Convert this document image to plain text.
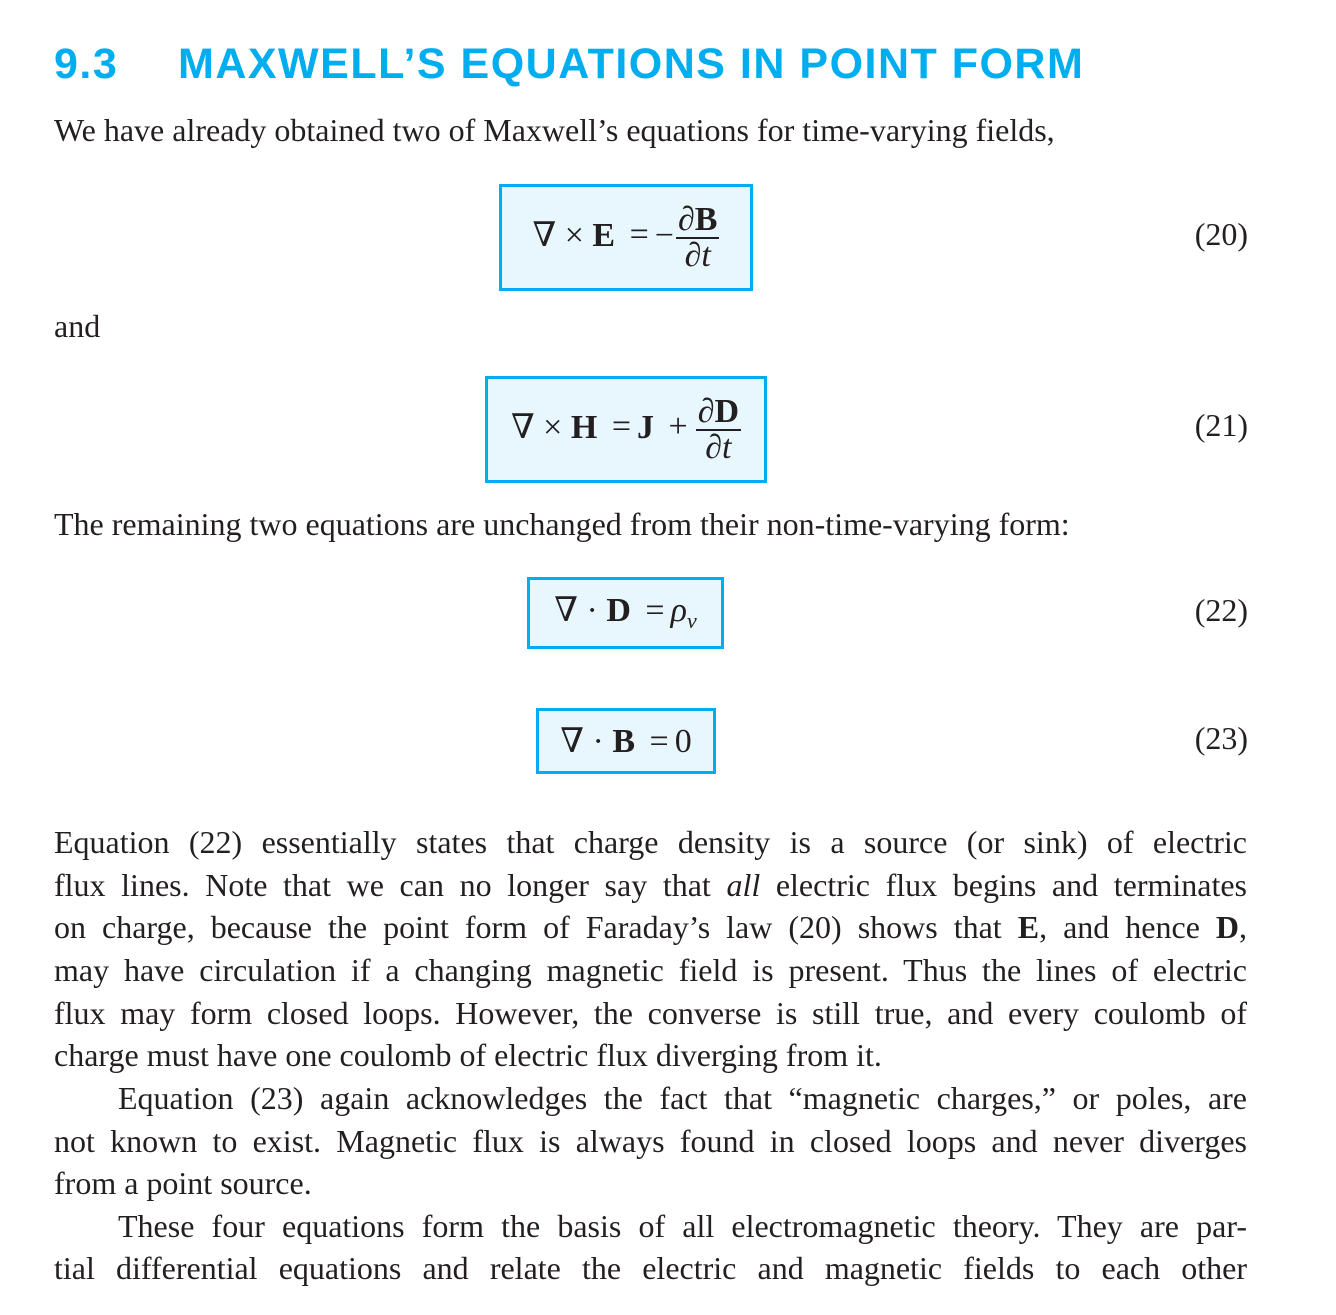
9.3 MAXWELL’S EQUATIONS IN POINT FORM
We have already obtained two of Maxwell’s equations for time-varying fields,
∇ × E = − $\frac{\partial B}{\partial t}$	(20)
and
∇ × $H = J + \frac{\partial D}{\partial t}$	(21)
The remaining two equations are unchanged from their non-time-varying form:
∇ · $D = \rho_v$	(22)
∇ · B = 0	(23)
Equation (22) essentially states that charge density is a source (or sink) of electric
flux lines. Note that we can no longer say that all electric flux begins and terminates
on charge, because the point form of Faraday’s law (20) shows that E, and hence D,
may have circulation if a changing magnetic field is present. Thus the lines of electric
flux may form closed loops. However, the converse is still true, and every coulomb of
charge must have one coulomb of electric flux diverging from it.
Equation (23) again acknowledges the fact that “magnetic charges,” or poles, are
not known to exist. Magnetic flux is always found in closed loops and never diverges
from a point source.
These four equations form the basis of all electromagnetic theory. They are par-
tial differential equations and relate the electric and magnetic fields to each other
